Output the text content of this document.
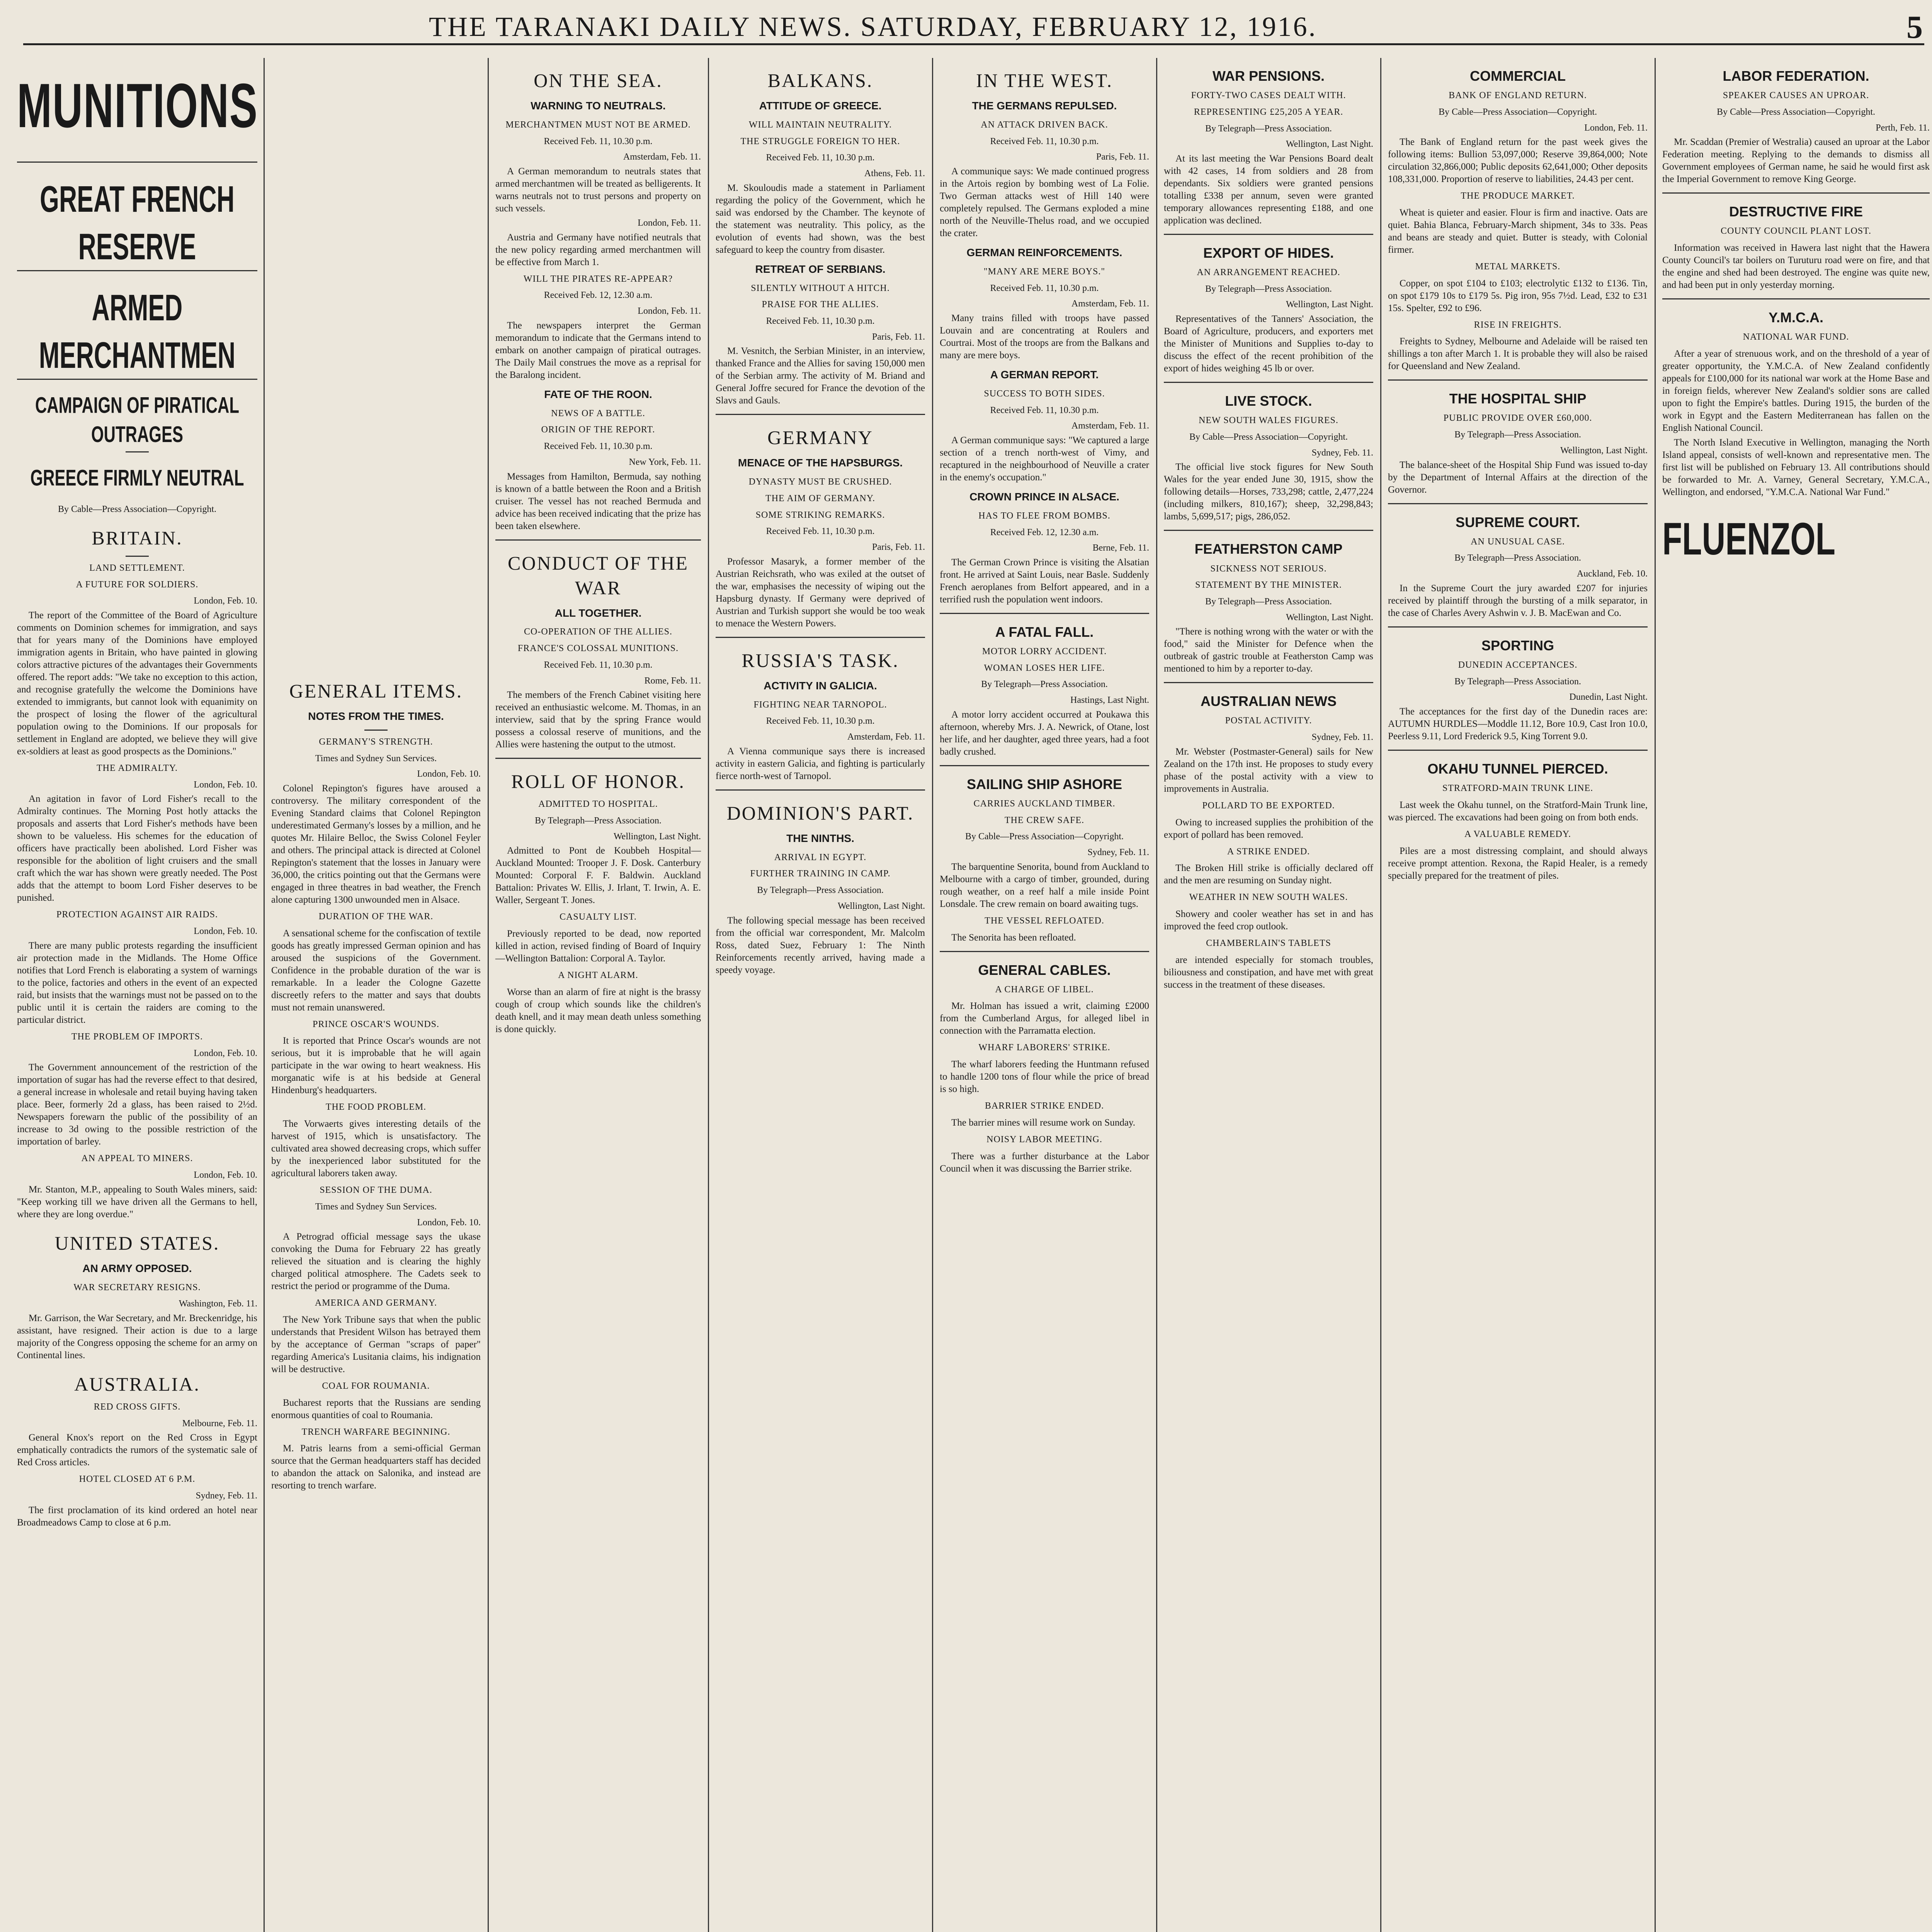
THE TARANAKI DAILY NEWS. SATURDAY, FEBRUARY 12, 1916.	5
MUNITIONS
GREAT FRENCH RESERVE
ARMED MERCHANTMEN
CAMPAIGN OF PIRATICAL OUTRAGES
GREECE FIRMLY NEUTRAL
By Cable—Press Association—Copyright.
BRITAIN.
LAND SETTLEMENT.
A FUTURE FOR SOLDIERS.
London, Feb. 10.

The report of the Committee of the Board of Agriculture comments on Dominion schemes for immigration, and says that for years many of the Dominions have employed immigration agents in Britain, who have painted in glowing colors attractive pictures of the advantages their Governments offered. The report adds: "We take no exception to this action, and recognise gratefully the welcome the Dominions have extended to immigrants, but cannot look with equanimity on the prospect of losing the flower of the agricultural population owing to the Dominions. If our proposals for settlement in England are adopted, we believe they will give ex-soldiers at least as good prospects as the Dominions."

THE ADMIRALTY.
London, Feb. 10.

An agitation in favor of Lord Fisher's recall to the Admiralty continues. The Morning Post hotly attacks the proposals and asserts that Lord Fisher's methods have been shown to be valueless. His schemes for the education of officers have practically been abolished. Lord Fisher was responsible for the abolition of light cruisers and the small craft which the war has shown were greatly needed. The Post adds that the attempt to boom Lord Fisher deserves to be punished.

PROTECTION AGAINST AIR RAIDS.
London, Feb. 10.

There are many public protests regarding the insufficient air protection made in the Midlands. The Home Office notifies that Lord French is elaborating a system of warnings to the police, factories and others in the event of an expected raid, but insists that the warnings must not be passed on to the public until it is certain the raiders are coming to the particular district.

THE PROBLEM OF IMPORTS.
London, Feb. 10.

The Government announcement of the restriction of the importation of sugar has had the reverse effect to that desired, a general increase in wholesale and retail buying having taken place. Beer, formerly 2d a glass, has been raised to 2½d. Newspapers forewarn the public of the possibility of an increase to 3d owing to the possible restriction of the importation of barley.

AN APPEAL TO MINERS.
London, Feb. 10.

Mr. Stanton, M.P., appealing to South Wales miners, said: "Keep working till we have driven all the Germans to hell, where they are long overdue."

UNITED STATES.
AN ARMY OPPOSED.
WAR SECRETARY RESIGNS.
Washington, Feb. 11.

Mr. Garrison, the War Secretary, and Mr. Breckenridge, his assistant, have resigned. Their action is due to a large majority of the Congress opposing the scheme for an army on Continental lines.

AUSTRALIA.
RED CROSS GIFTS.
Melbourne, Feb. 11.

General Knox's report on the Red Cross in Egypt emphatically contradicts the rumors of the systematic sale of Red Cross articles.

HOTEL CLOSED AT 6 P.M.
Sydney, Feb. 11.

The first proclamation of its kind ordered an hotel near Broadmeadows Camp to close at 6 p.m.

GENERAL ITEMS.
NOTES FROM THE TIMES.
GERMANY'S STRENGTH.
Times and Sydney Sun Services.
London, Feb. 10.

Colonel Repington's figures have aroused a controversy. The military correspondent of the Evening Standard claims that Colonel Repington underestimated Germany's losses by a million, and he quotes Mr. Hilaire Belloc, the Swiss Colonel Feyler and others. The principal attack is directed at Colonel Repington's statement that the losses in January were 36,000, the critics pointing out that the Germans were engaged in three theatres in bad weather, the French alone capturing 1300 unwounded men in Alsace.

DURATION OF THE WAR.

A sensational scheme for the confiscation of textile goods has greatly impressed German opinion and has aroused the suspicions of the Government. Confidence in the probable duration of the war is remarkable. In a leader the Cologne Gazette discreetly refers to the matter and says that doubts must not remain unanswered.

PRINCE OSCAR'S WOUNDS.

It is reported that Prince Oscar's wounds are not serious, but it is improbable that he will again participate in the war owing to heart weakness. His morganatic wife is at his bedside at General Hindenburg's headquarters.

THE FOOD PROBLEM.

The Vorwaerts gives interesting details of the harvest of 1915, which is unsatisfactory. The cultivated area showed decreasing crops, which suffer by the inexperienced labor substituted for the agricultural laborers taken away.

SESSION OF THE DUMA.
Times and Sydney Sun Services.
London, Feb. 10.

A Petrograd official message says the ukase convoking the Duma for February 22 has greatly relieved the situation and is clearing the highly charged political atmosphere. The Cadets seek to restrict the period or programme of the Duma.

AMERICA AND GERMANY.

The New York Tribune says that when the public understands that President Wilson has betrayed them by the acceptance of German "scraps of paper" regarding America's Lusitania claims, his indignation will be destructive.

COAL FOR ROUMANIA.

Bucharest reports that the Russians are sending enormous quantities of coal to Roumania.

TRENCH WARFARE BEGINNING.

M. Patris learns from a semi-official German source that the German headquarters staff has decided to abandon the attack on Salonika, and instead are resorting to trench warfare.

ON THE SEA.
WARNING TO NEUTRALS.
MERCHANTMEN MUST NOT BE ARMED.
Received Feb. 11, 10.30 p.m.
Amsterdam, Feb. 11.

A German memorandum to neutrals states that armed merchantmen will be treated as belligerents. It warns neutrals not to trust persons and property on such vessels.

London, Feb. 11.

Austria and Germany have notified neutrals that the new policy regarding armed merchantmen will be effective from March 1.

WILL THE PIRATES RE-APPEAR?
Received Feb. 12, 12.30 a.m.
London, Feb. 11.

The newspapers interpret the German memorandum to indicate that the Germans intend to embark on another campaign of piratical outrages. The Daily Mail construes the move as a reprisal for the Baralong incident.

FATE OF THE ROON.
NEWS OF A BATTLE.
ORIGIN OF THE REPORT.
Received Feb. 11, 10.30 p.m.
New York, Feb. 11.

Messages from Hamilton, Bermuda, say nothing is known of a battle between the Roon and a British cruiser. The vessel has not reached Bermuda and advice has been received indicating that the prize has been taken elsewhere.

CONDUCT OF THE WAR
ALL TOGETHER.
CO-OPERATION OF THE ALLIES.
FRANCE'S COLOSSAL MUNITIONS.
Received Feb. 11, 10.30 p.m.
Rome, Feb. 11.

The members of the French Cabinet visiting here received an enthusiastic welcome. M. Thomas, in an interview, said that by the spring France would possess a colossal reserve of munitions, and the Allies were hastening the output to the utmost.

ROLL OF HONOR.
ADMITTED TO HOSPITAL.
By Telegraph—Press Association.
Wellington, Last Night.

Admitted to Pont de Koubbeh Hospital—Auckland Mounted: Trooper J. F. Dosk. Canterbury Mounted: Corporal F. F. Baldwin. Auckland Battalion: Privates W. Ellis, J. Irlant, T. Irwin, A. E. Waller, Sergeant T. Jones.

CASUALTY LIST.

Previously reported to be dead, now reported killed in action, revised finding of Board of Inquiry—Wellington Battalion: Corporal A. Taylor.

A NIGHT ALARM.

Worse than an alarm of fire at night is the brassy cough of croup which sounds like the children's death knell, and it may mean death unless something is done quickly.

BALKANS.
ATTITUDE OF GREECE.
WILL MAINTAIN NEUTRALITY.
THE STRUGGLE FOREIGN TO HER.
Received Feb. 11, 10.30 p.m.
Athens, Feb. 11.

M. Skouloudis made a statement in Parliament regarding the policy of the Government, which he said was endorsed by the Chamber. The keynote of the statement was neutrality. This policy, as the evolution of events had shown, was the best safeguard to keep the country from disaster.

RETREAT OF SERBIANS.
SILENTLY WITHOUT A HITCH.
PRAISE FOR THE ALLIES.
Received Feb. 11, 10.30 p.m.
Paris, Feb. 11.

M. Vesnitch, the Serbian Minister, in an interview, thanked France and the Allies for saving 150,000 men of the Serbian army. The activity of M. Briand and General Joffre secured for France the devotion of the Slavs and Gauls.

GERMANY
MENACE OF THE HAPSBURGS.
DYNASTY MUST BE CRUSHED.
THE AIM OF GERMANY.
SOME STRIKING REMARKS.
Received Feb. 11, 10.30 p.m.
Paris, Feb. 11.

Professor Masaryk, a former member of the Austrian Reichsrath, who was exiled at the outset of the war, emphasises the necessity of wiping out the Hapsburg dynasty. If Germany were deprived of Austrian and Turkish support she would be too weak to menace the Western Powers.

RUSSIA'S TASK.
ACTIVITY IN GALICIA.
FIGHTING NEAR TARNOPOL.
Received Feb. 11, 10.30 p.m.
Amsterdam, Feb. 11.

A Vienna communique says there is increased activity in eastern Galicia, and fighting is particularly fierce north-west of Tarnopol.

DOMINION'S PART.
THE NINTHS.
ARRIVAL IN EGYPT.
FURTHER TRAINING IN CAMP.
By Telegraph—Press Association.
Wellington, Last Night.

The following special message has been received from the official war correspondent, Mr. Malcolm Ross, dated Suez, February 1: The Ninth Reinforcements recently arrived, having made a speedy voyage.

IN THE WEST.
THE GERMANS REPULSED.
AN ATTACK DRIVEN BACK.
Received Feb. 11, 10.30 p.m.
Paris, Feb. 11.

A communique says: We made continued progress in the Artois region by bombing west of La Folie. Two German attacks west of Hill 140 were completely repulsed. The Germans exploded a mine north of the Neuville-Thelus road, and we occupied the crater.

GERMAN REINFORCEMENTS.
"MANY ARE MERE BOYS."
Received Feb. 11, 10.30 p.m.
Amsterdam, Feb. 11.

Many trains filled with troops have passed Louvain and are concentrating at Roulers and Courtrai. Most of the troops are from the Balkans and many are mere boys.

A GERMAN REPORT.
SUCCESS TO BOTH SIDES.
Received Feb. 11, 10.30 p.m.
Amsterdam, Feb. 11.

A German communique says: "We captured a large section of a trench north-west of Vimy, and recaptured in the neighbourhood of Neuville a crater in the enemy's occupation."

CROWN PRINCE IN ALSACE.
HAS TO FLEE FROM BOMBS.
Received Feb. 12, 12.30 a.m.
Berne, Feb. 11.

The German Crown Prince is visiting the Alsatian front. He arrived at Saint Louis, near Basle. Suddenly French aeroplanes from Belfort appeared, and in a terrified rush the population went indoors.

A FATAL FALL.
MOTOR LORRY ACCIDENT.
WOMAN LOSES HER LIFE.
By Telegraph—Press Association.
Hastings, Last Night.

A motor lorry accident occurred at Poukawa this afternoon, whereby Mrs. J. A. Newrick, of Otane, lost her life, and her daughter, aged three years, had a foot badly crushed.

SAILING SHIP ASHORE
CARRIES AUCKLAND TIMBER.
THE CREW SAFE.
By Cable—Press Association—Copyright.
Sydney, Feb. 11.

The barquentine Senorita, bound from Auckland to Melbourne with a cargo of timber, grounded, during rough weather, on a reef half a mile inside Point Lonsdale. The crew remain on board awaiting tugs.

THE VESSEL REFLOATED.

The Senorita has been refloated.

GENERAL CABLES.
A CHARGE OF LIBEL.

Mr. Holman has issued a writ, claiming £2000 from the Cumberland Argus, for alleged libel in connection with the Parramatta election.

WHARF LABORERS' STRIKE.

The wharf laborers feeding the Huntmann refused to handle 1200 tons of flour while the price of bread is so high.

BARRIER STRIKE ENDED.

The barrier mines will resume work on Sunday.

NOISY LABOR MEETING.

There was a further disturbance at the Labor Council when it was discussing the Barrier strike.

WAR PENSIONS.
FORTY-TWO CASES DEALT WITH.
REPRESENTING £25,205 A YEAR.
By Telegraph—Press Association.
Wellington, Last Night.

At its last meeting the War Pensions Board dealt with 42 cases, 14 from soldiers and 28 from dependants. Six soldiers were granted pensions totalling £338 per annum, seven were granted temporary allowances representing £188, and one application was declined.

EXPORT OF HIDES.
AN ARRANGEMENT REACHED.
By Telegraph—Press Association.
Wellington, Last Night.

Representatives of the Tanners' Association, the Board of Agriculture, producers, and exporters met the Minister of Munitions and Supplies to-day to discuss the effect of the recent prohibition of the export of hides weighing 45 lb or over.

LIVE STOCK.
NEW SOUTH WALES FIGURES.
By Cable—Press Association—Copyright.
Sydney, Feb. 11.

The official live stock figures for New South Wales for the year ended June 30, 1915, show the following details—Horses, 733,298; cattle, 2,477,224 (including milkers, 810,167); sheep, 32,298,843; lambs, 5,699,517; pigs, 286,052.

FEATHERSTON CAMP
SICKNESS NOT SERIOUS.
STATEMENT BY THE MINISTER.
By Telegraph—Press Association.
Wellington, Last Night.

"There is nothing wrong with the water or with the food," said the Minister for Defence when the outbreak of gastric trouble at Featherston Camp was mentioned to him by a reporter to-day.

AUSTRALIAN NEWS
POSTAL ACTIVITY.
Sydney, Feb. 11.

Mr. Webster (Postmaster-General) sails for New Zealand on the 17th inst. He proposes to study every phase of the postal activity with a view to improvements in Australia.

POLLARD TO BE EXPORTED.

Owing to increased supplies the prohibition of the export of pollard has been removed.

A STRIKE ENDED.

The Broken Hill strike is officially declared off and the men are resuming on Sunday night.

WEATHER IN NEW SOUTH WALES.

Showery and cooler weather has set in and has improved the feed crop outlook.

CHAMBERLAIN'S TABLETS

are intended especially for stomach troubles, biliousness and constipation, and have met with great success in the treatment of these diseases.

COMMERCIAL
BANK OF ENGLAND RETURN.
By Cable—Press Association—Copyright.
London, Feb. 11.

The Bank of England return for the past week gives the following items: Bullion 53,097,000; Reserve 39,864,000; Note circulation 32,866,000; Public deposits 62,641,000; Other deposits 108,331,000. Proportion of reserve to liabilities, 24.43 per cent.

THE PRODUCE MARKET.

Wheat is quieter and easier. Flour is firm and inactive. Oats are quiet. Bahia Blanca, February-March shipment, 34s to 33s. Peas and beans are steady and quiet. Butter is steady, with Colonial firmer.

METAL MARKETS.

Copper, on spot £104 to £103; electrolytic £132 to £136. Tin, on spot £179 10s to £179 5s. Pig iron, 95s 7½d. Lead, £32 to £31 15s. Spelter, £92 to £96.

RISE IN FREIGHTS.

Freights to Sydney, Melbourne and Adelaide will be raised ten shillings a ton after March 1. It is probable they will also be raised for Queensland and New Zealand.

THE HOSPITAL SHIP
PUBLIC PROVIDE OVER £60,000.
By Telegraph—Press Association.
Wellington, Last Night.

The balance-sheet of the Hospital Ship Fund was issued to-day by the Department of Internal Affairs at the direction of the Governor.

SUPREME COURT.
AN UNUSUAL CASE.
By Telegraph—Press Association.
Auckland, Feb. 10.

In the Supreme Court the jury awarded £207 for injuries received by plaintiff through the bursting of a milk separator, in the case of Charles Avery Ashwin v. J. B. MacEwan and Co.

SPORTING
DUNEDIN ACCEPTANCES.
By Telegraph—Press Association.
Dunedin, Last Night.

The acceptances for the first day of the Dunedin races are: AUTUMN HURDLES—Moddle 11.12, Bore 10.9, Cast Iron 10.0, Peerless 9.11, Lord Frederick 9.5, King Torrent 9.0.

OKAHU TUNNEL PIERCED.
STRATFORD-MAIN TRUNK LINE.

Last week the Okahu tunnel, on the Stratford-Main Trunk line, was pierced. The excavations had been going on from both ends.

A VALUABLE REMEDY.

Piles are a most distressing complaint, and should always receive prompt attention. Rexona, the Rapid Healer, is a remedy specially prepared for the treatment of piles.

LABOR FEDERATION.
SPEAKER CAUSES AN UPROAR.
By Cable—Press Association—Copyright.
Perth, Feb. 11.

Mr. Scaddan (Premier of Westralia) caused an uproar at the Labor Federation meeting. Replying to the demands to dismiss all Government employees of German name, he said he would first ask the Imperial Government to remove King George.

DESTRUCTIVE FIRE
COUNTY COUNCIL PLANT LOST.

Information was received in Hawera last night that the Hawera County Council's tar boilers on Turuturu road were on fire, and that the engine and shed had been destroyed. The engine was quite new, and had been put in only yesterday morning.

Y.M.C.A.
NATIONAL WAR FUND.

After a year of strenuous work, and on the threshold of a year of greater opportunity, the Y.M.C.A. of New Zealand confidently appeals for £100,000 for its national war work at the Home Base and in foreign fields, wherever New Zealand's soldier sons are called upon to fight the Empire's battles. During 1915, the burden of the work in Egypt and the Eastern Mediterranean has fallen on the English National Council.

The North Island Executive in Wellington, managing the North Island appeal, consists of well-known and representative men. The first list will be published on February 13. All contributions should be forwarded to Mr. A. Varney, General Secretary, Y.M.C.A., Wellington, and endorsed, "Y.M.C.A. National War Fund."

FLUENZOL
